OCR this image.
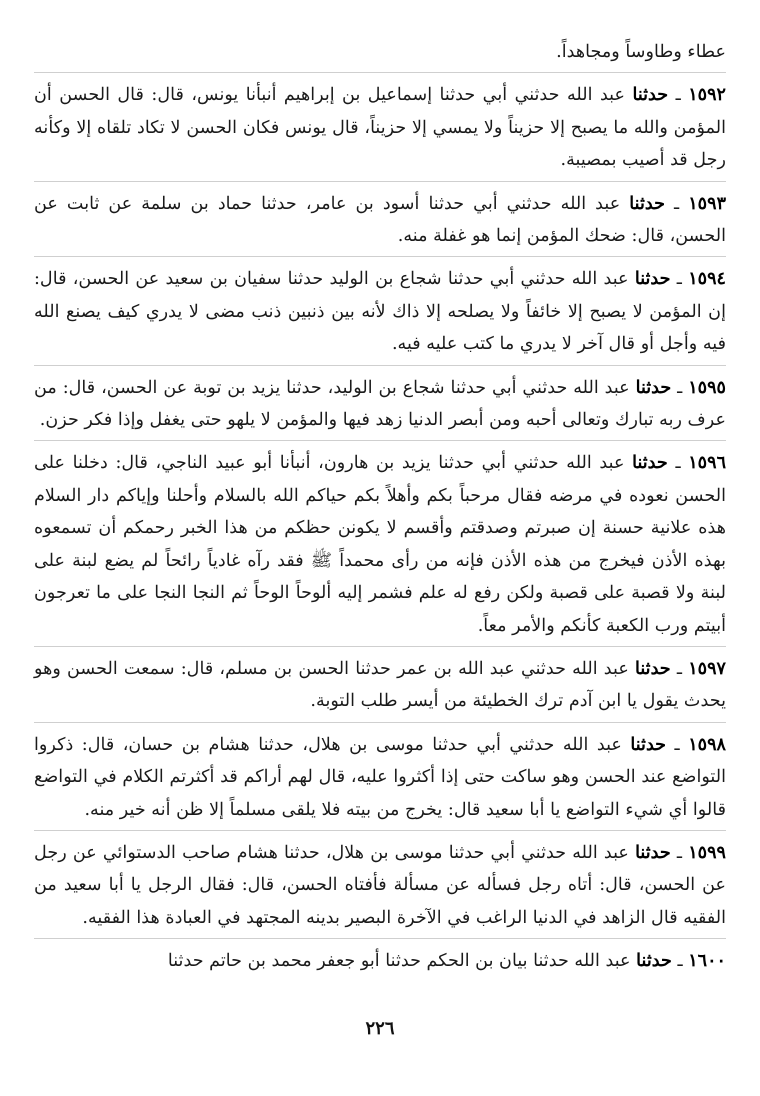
عطاء وطاوساً ومجاهداً.

١٥٩٢ ـ حدثنا عبد الله حدثني أبي حدثنا إسماعيل بن إبراهيم أنبأنا يونس، قال: قال الحسن أن المؤمن والله ما يصبح إلا حزيناً ولا يمسي إلا حزيناً، قال يونس فكان الحسن لا تكاد تلقاه إلا وكأنه رجل قد أصيب بمصيبة.

١٥٩٣ ـ حدثنا عبد الله حدثني أبي حدثنا أسود بن عامر، حدثنا حماد بن سلمة عن ثابت عن الحسن، قال: ضحك المؤمن إنما هو غفلة منه.

١٥٩٤ ـ حدثنا عبد الله حدثني أبي حدثنا شجاع بن الوليد حدثنا سفيان بن سعيد عن الحسن، قال: إن المؤمن لا يصبح إلا خائفاً ولا يصلحه إلا ذاك لأنه بين ذنبين ذنب مضى لا يدري كيف يصنع الله فيه وأجل أو قال آخر لا يدري ما كتب عليه فيه.

١٥٩٥ ـ حدثنا عبد الله حدثني أبي حدثنا شجاع بن الوليد، حدثنا يزيد بن توبة عن الحسن، قال: من عرف ربه تبارك وتعالى أحبه ومن أبصر الدنيا زهد فيها والمؤمن لا يلهو حتى يغفل وإذا فكر حزن.

١٥٩٦ ـ حدثنا عبد الله حدثني أبي حدثنا يزيد بن هارون، أنبأنا أبو عبيد الناجي، قال: دخلنا على الحسن نعوده في مرضه فقال مرحباً بكم وأهلاً بكم حياكم الله بالسلام وأحلنا وإياكم دار السلام هذه علانية حسنة إن صبرتم وصدقتم وأقسم لا يكونن حظكم من هذا الخبر رحمكم أن تسمعوه بهذه الأذن فيخرج من هذه الأذن فإنه من رأى محمداً ﷺ فقد رآه غادياً رائحاً لم يضع لبنة على لبنة ولا قصبة على قصبة ولكن رفع له علم فشمر إليه ألوحاً الوحاً ثم النجا النجا على ما تعرجون أبيتم ورب الكعبة كأنكم والأمر معاً.

١٥٩٧ ـ حدثنا عبد الله حدثني عبد الله بن عمر حدثنا الحسن بن مسلم، قال: سمعت الحسن وهو يحدث يقول يا ابن آدم ترك الخطيئة من أيسر طلب التوبة.

١٥٩٨ ـ حدثنا عبد الله حدثني أبي حدثنا موسى بن هلال، حدثنا هشام بن حسان، قال: ذكروا التواضع عند الحسن وهو ساكت حتى إذا أكثروا عليه، قال لهم أراكم قد أكثرتم الكلام في التواضع قالوا أي شيء التواضع يا أبا سعيد قال: يخرج من بيته فلا يلقى مسلماً إلا ظن أنه خير منه.

١٥٩٩ ـ حدثنا عبد الله حدثني أبي حدثنا موسى بن هلال، حدثنا هشام صاحب الدستوائي عن رجل عن الحسن، قال: أتاه رجل فسأله عن مسألة فأفتاه الحسن، قال: فقال الرجل يا أبا سعيد من الفقيه قال الزاهد في الدنيا الراغب في الآخرة البصير بدينه المجتهد في العبادة هذا الفقيه.

١٦٠٠ ـ حدثنا عبد الله حدثنا بيان بن الحكم حدثنا أبو جعفر محمد بن حاتم حدثنا

٢٢٦
